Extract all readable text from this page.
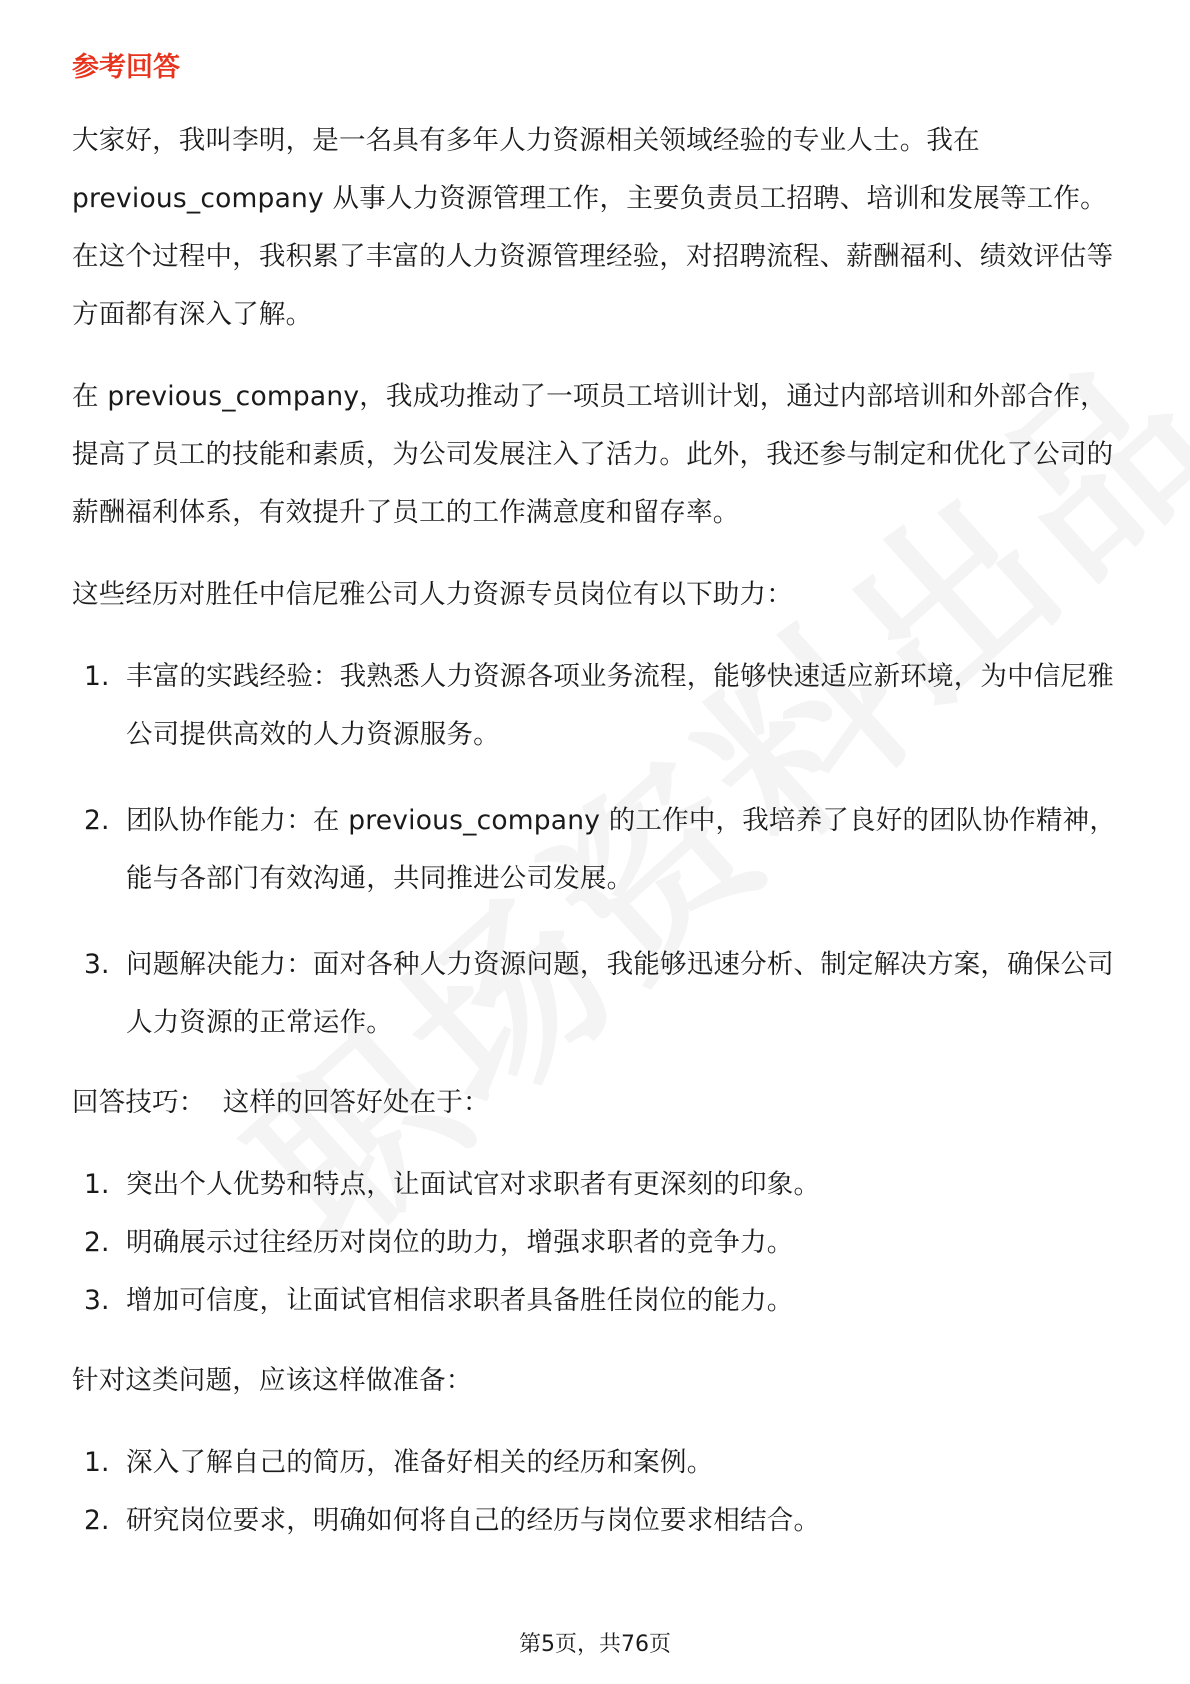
参考回答

大家好，我叫李明，是一名具有多年人力资源相关领域经验的专业人士。我在 previous_company 从事人力资源管理工作，主要负责员工招聘、培训和发展等工作。在这个过程中，我积累了丰富的人力资源管理经验，对招聘流程、薪酬福利、绩效评估等方面都有深入了解。

在 previous_company，我成功推动了一项员工培训计划，通过内部培训和外部合作，提高了员工的技能和素质，为公司发展注入了活力。此外，我还参与制定和优化了公司的薪酬福利体系，有效提升了员工的工作满意度和留存率。

这些经历对胜任中信尼雅公司人力资源专员岗位有以下助力：

1. 丰富的实践经验：我熟悉人力资源各项业务流程，能够快速适应新环境，为中信尼雅公司提供高效的人力资源服务。
2. 团队协作能力：在 previous_company 的工作中，我培养了良好的团队协作精神，能与各部门有效沟通，共同推进公司发展。
3. 问题解决能力：面对各种人力资源问题，我能够迅速分析、制定解决方案，确保公司人力资源的正常运作。

回答技巧：  这样的回答好处在于：

1. 突出个人优势和特点，让面试官对求职者有更深刻的印象。
2. 明确展示过往经历对岗位的助力，增强求职者的竞争力。
3. 增加可信度，让面试官相信求职者具备胜任岗位的能力。

针对这类问题，应该这样做准备：

1. 深入了解自己的简历，准备好相关的经历和案例。
2. 研究岗位要求，明确如何将自己的经历与岗位要求相结合。
第5页，共76页
